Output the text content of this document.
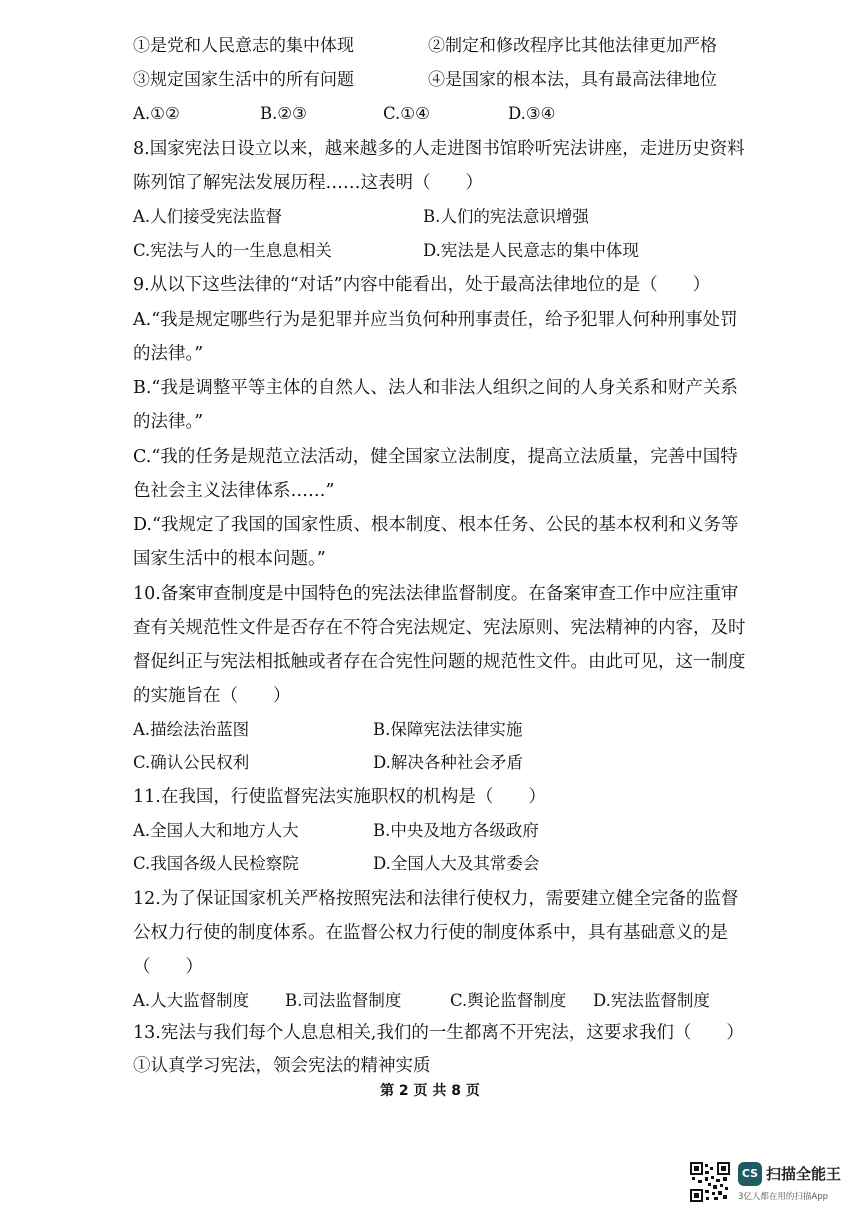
①是党和人民意志的集中体现	②制定和修改程序比其他法律更加严格
③规定国家生活中的所有问题	④是国家的根本法，具有最高法律地位
A.①②	B.②③	C.①④	D.③④
8.国家宪法日设立以来，越来越多的人走进图书馆聆听宪法讲座，走进历史资料
陈列馆了解宪法发展历程……这表明（　　）
A.人们接受宪法监督	B.人们的宪法意识增强
C.宪法与人的一生息息相关	D.宪法是人民意志的集中体现
9.从以下这些法律的“对话”内容中能看出，处于最高法律地位的是（　　）
A.“我是规定哪些行为是犯罪并应当负何种刑事责任，给予犯罪人何种刑事处罚
的法律。”
B.“我是调整平等主体的自然人、法人和非法人组织之间的人身关系和财产关系
的法律。”
C.“我的任务是规范立法活动，健全国家立法制度，提高立法质量，完善中国特
色社会主义法律体系……”
D.“我规定了我国的国家性质、根本制度、根本任务、公民的基本权利和义务等
国家生活中的根本问题。”
10.备案审查制度是中国特色的宪法法律监督制度。在备案审查工作中应注重审
查有关规范性文件是否存在不符合宪法规定、宪法原则、宪法精神的内容，及时
督促纠正与宪法相抵触或者存在合宪性问题的规范性文件。由此可见，这一制度
的实施旨在（　　）
A.描绘法治蓝图	B.保障宪法法律实施
C.确认公民权利	D.解决各种社会矛盾
11.在我国，行使监督宪法实施职权的机构是（　　）
A.全国人大和地方人大	B.中央及地方各级政府
C.我国各级人民检察院	D.全国人大及其常委会
12.为了保证国家机关严格按照宪法和法律行使权力，需要建立健全完备的监督
公权力行使的制度体系。在监督公权力行使的制度体系中，具有基础意义的是
（　　）
A.人大监督制度 B.司法监督制度	C.舆论监督制度 D.宪法监督制度
13.宪法与我们每个人息息相关,我们的一生都离不开宪法，这要求我们（　　）
①认真学习宪法，领会宪法的精神实质
第 2 页 共 8 页
CS 扫描全能王
3亿人都在用的扫描App
